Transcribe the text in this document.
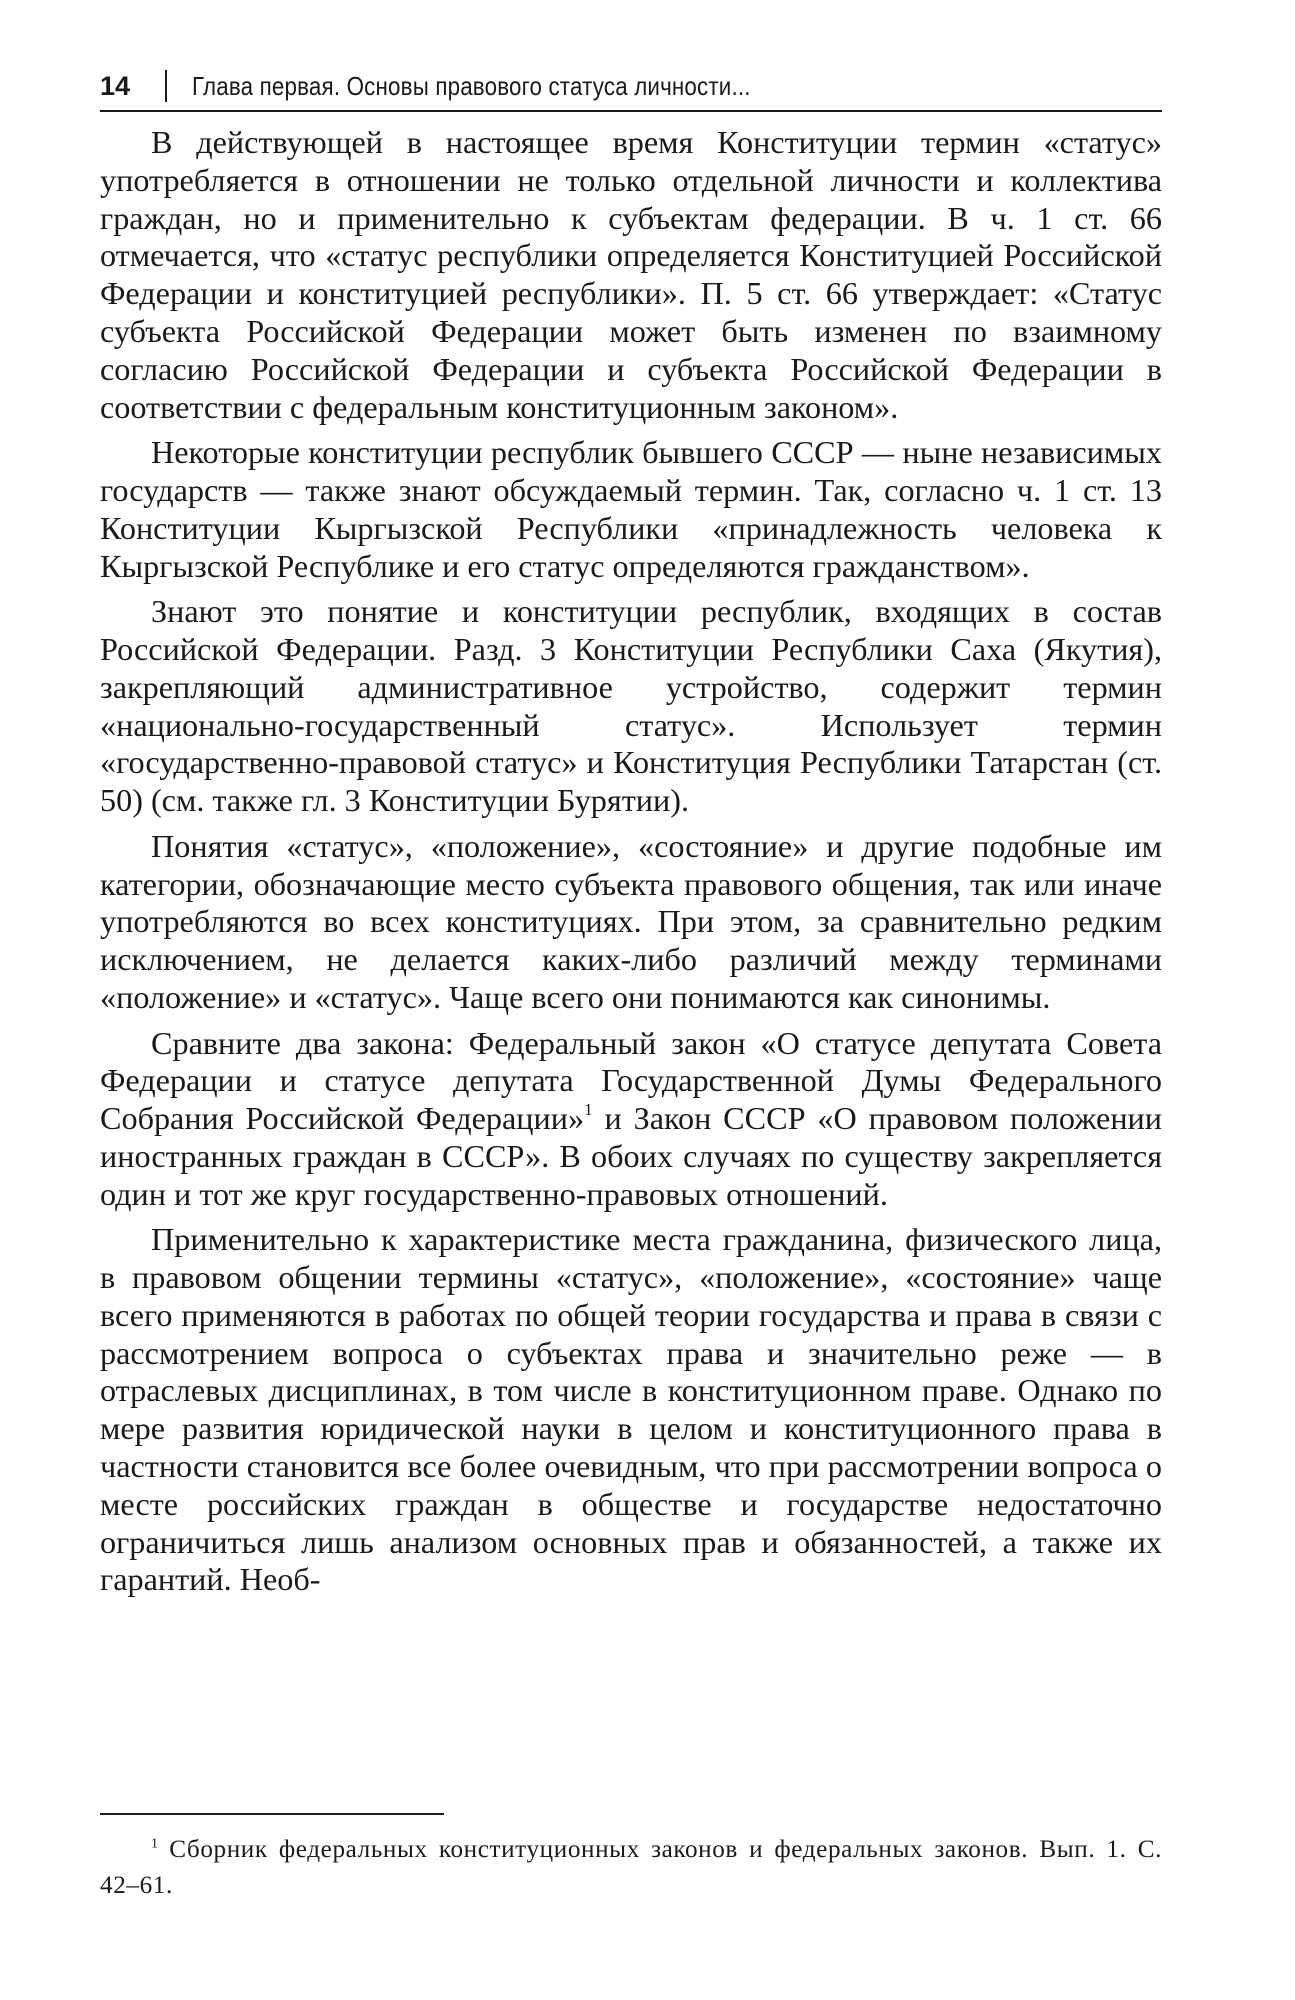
14 Глава первая. Основы правового статуса личности...

В действующей в настоящее время Конституции термин «статус» употребляется в отношении не только отдельной личности и коллектива граждан, но и применительно к субъектам федерации. В ч. 1 ст. 66 отмечается, что «статус республики определяется Конституцией Российской Федерации и конституцией республики». П. 5 ст. 66 утверждает: «Статус субъекта Российской Федерации может быть изменен по взаимному согласию Российской Федерации и субъекта Российской Федерации в соответствии с федеральным конституционным законом».

Некоторые конституции республик бывшего СССР — ныне независимых государств — также знают обсуждаемый термин. Так, согласно ч. 1 ст. 13 Конституции Кыргызской Республики «принадлежность человека к Кыргызской Республике и его статус определяются гражданством».

Знают это понятие и конституции республик, входящих в состав Российской Федерации. Разд. 3 Конституции Республики Саха (Якутия), закрепляющий административное устройство, содержит термин «национально-государственный статус». Использует термин «государственно-правовой статус» и Конституция Республики Татарстан (ст. 50) (см. также гл. 3 Конституции Бурятии).

Понятия «статус», «положение», «состояние» и другие подобные им категории, обозначающие место субъекта правового общения, так или иначе употребляются во всех конституциях. При этом, за сравнительно редким исключением, не делается каких-либо различий между терминами «положение» и «статус». Чаще всего они понимаются как синонимы.

Сравните два закона: Федеральный закон «О статусе депутата Совета Федерации и статусе депутата Государственной Думы Федерального Собрания Российской Федерации»$^1$ и Закон СССР «О правовом положении иностранных граждан в СССР». В обоих случаях по существу закрепляется один и тот же круг государственно-правовых отношений.

Применительно к характеристике места гражданина, физического лица, в правовом общении термины «статус», «положение», «состояние» чаще всего применяются в работах по общей теории государства и права в связи с рассмотрением вопроса о субъектах права и значительно реже — в отраслевых дисциплинах, в том числе в конституционном праве. Однако по мере развития юридической науки в целом и конституционного права в частности становится все более очевидным, что при рассмотрении вопроса о месте российских граждан в обществе и государстве недостаточно ограничиться лишь анализом основных прав и обязанностей, а также их гарантий. Необ-

$^1$ Сборник федеральных конституционных законов и федеральных законов. Вып. 1. С. 42–61.
